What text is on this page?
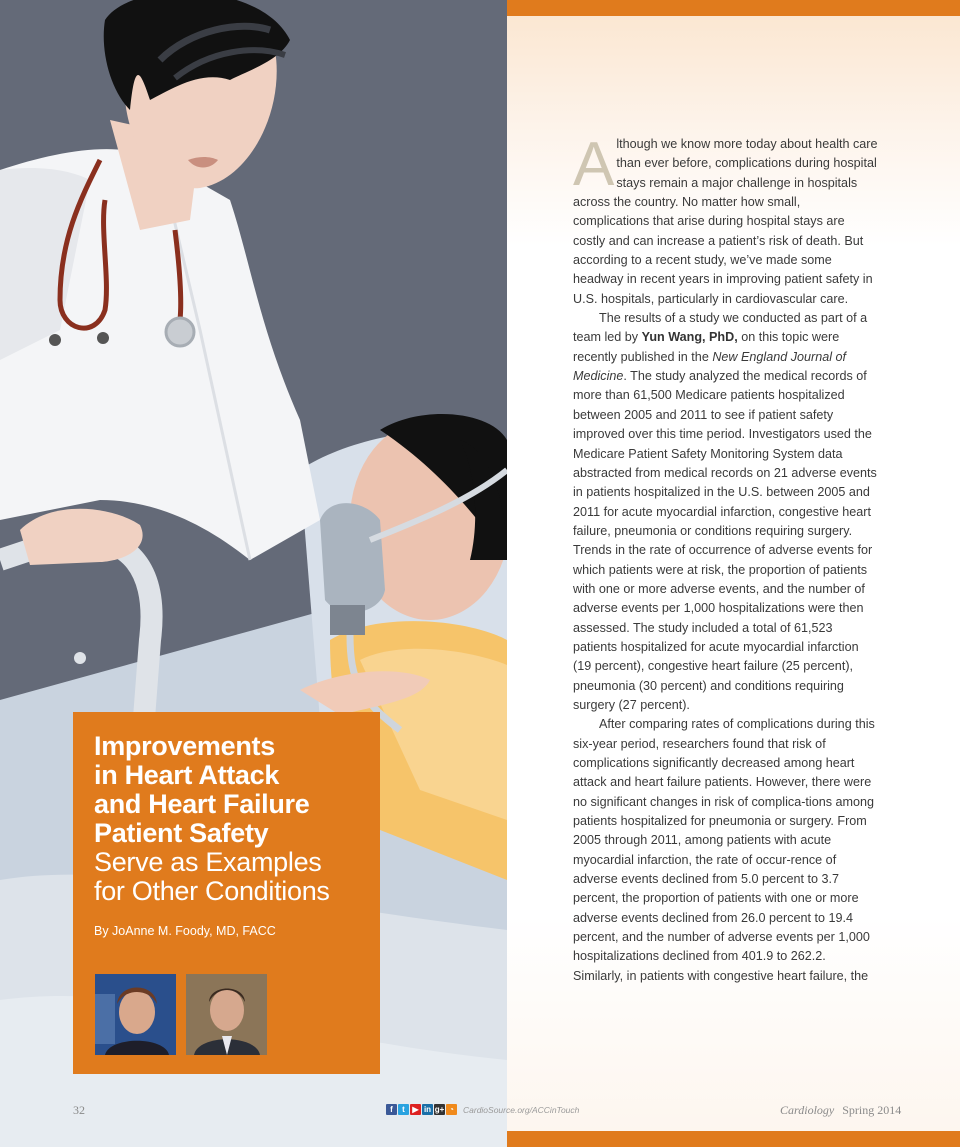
Improvements
in Heart Attack
and Heart Failure
Patient Safety
Serve as Examples
for Other Conditions
By JoAnne M. Foody, MD, FACC

Although we know more today about health care than ever before, complications during hospital stays remain a major challenge in hospitals across the country. No matter how small, complications that arise during hospital stays are costly and can increase a patient’s risk of death. But according to a recent study, we’ve made some headway in recent years in improving patient safety in U.S. hospitals, particularly in cardiovascular care.

The results of a study we conducted as part of a team led by Yun Wang, PhD, on this topic were recently published in the New England Journal of Medicine. The study analyzed the medical records of more than 61,500 Medicare patients hospitalized between 2005 and 2011 to see if patient safety improved over this time period. Investigators used the Medicare Patient Safety Monitoring System data abstracted from medical records on 21 adverse events in patients hospitalized in the U.S. between 2005 and 2011 for acute myocardial infarction, congestive heart failure, pneumonia or conditions requiring surgery. Trends in the rate of occurrence of adverse events for which patients were at risk, the proportion of patients with one or more adverse events, and the number of adverse events per 1,000 hospitalizations were then assessed. The study included a total of 61,523 patients hospitalized for acute myocardial infarction (19 percent), congestive heart failure (25 percent), pneumonia (30 percent) and conditions requiring surgery (27 percent).

After comparing rates of complications during this six-year period, researchers found that risk of complications significantly decreased among heart attack and heart failure patients. However, there were no significant changes in risk of complica-tions among patients hospitalized for pneumonia or surgery. From 2005 through 2011, among patients with acute myocardial infarction, the rate of occur-rence of adverse events declined from 5.0 percent to 3.7 percent, the proportion of patients with one or more adverse events declined from 26.0 percent to 19.4 percent, and the number of adverse events per 1,000 hospitalizations declined from 401.9 to 262.2. Similarly, in patients with congestive heart failure, the

32	f	t ▶ in g+ ◔	CardioSource.org/ACCinTouch	Cardiology Spring 2014
